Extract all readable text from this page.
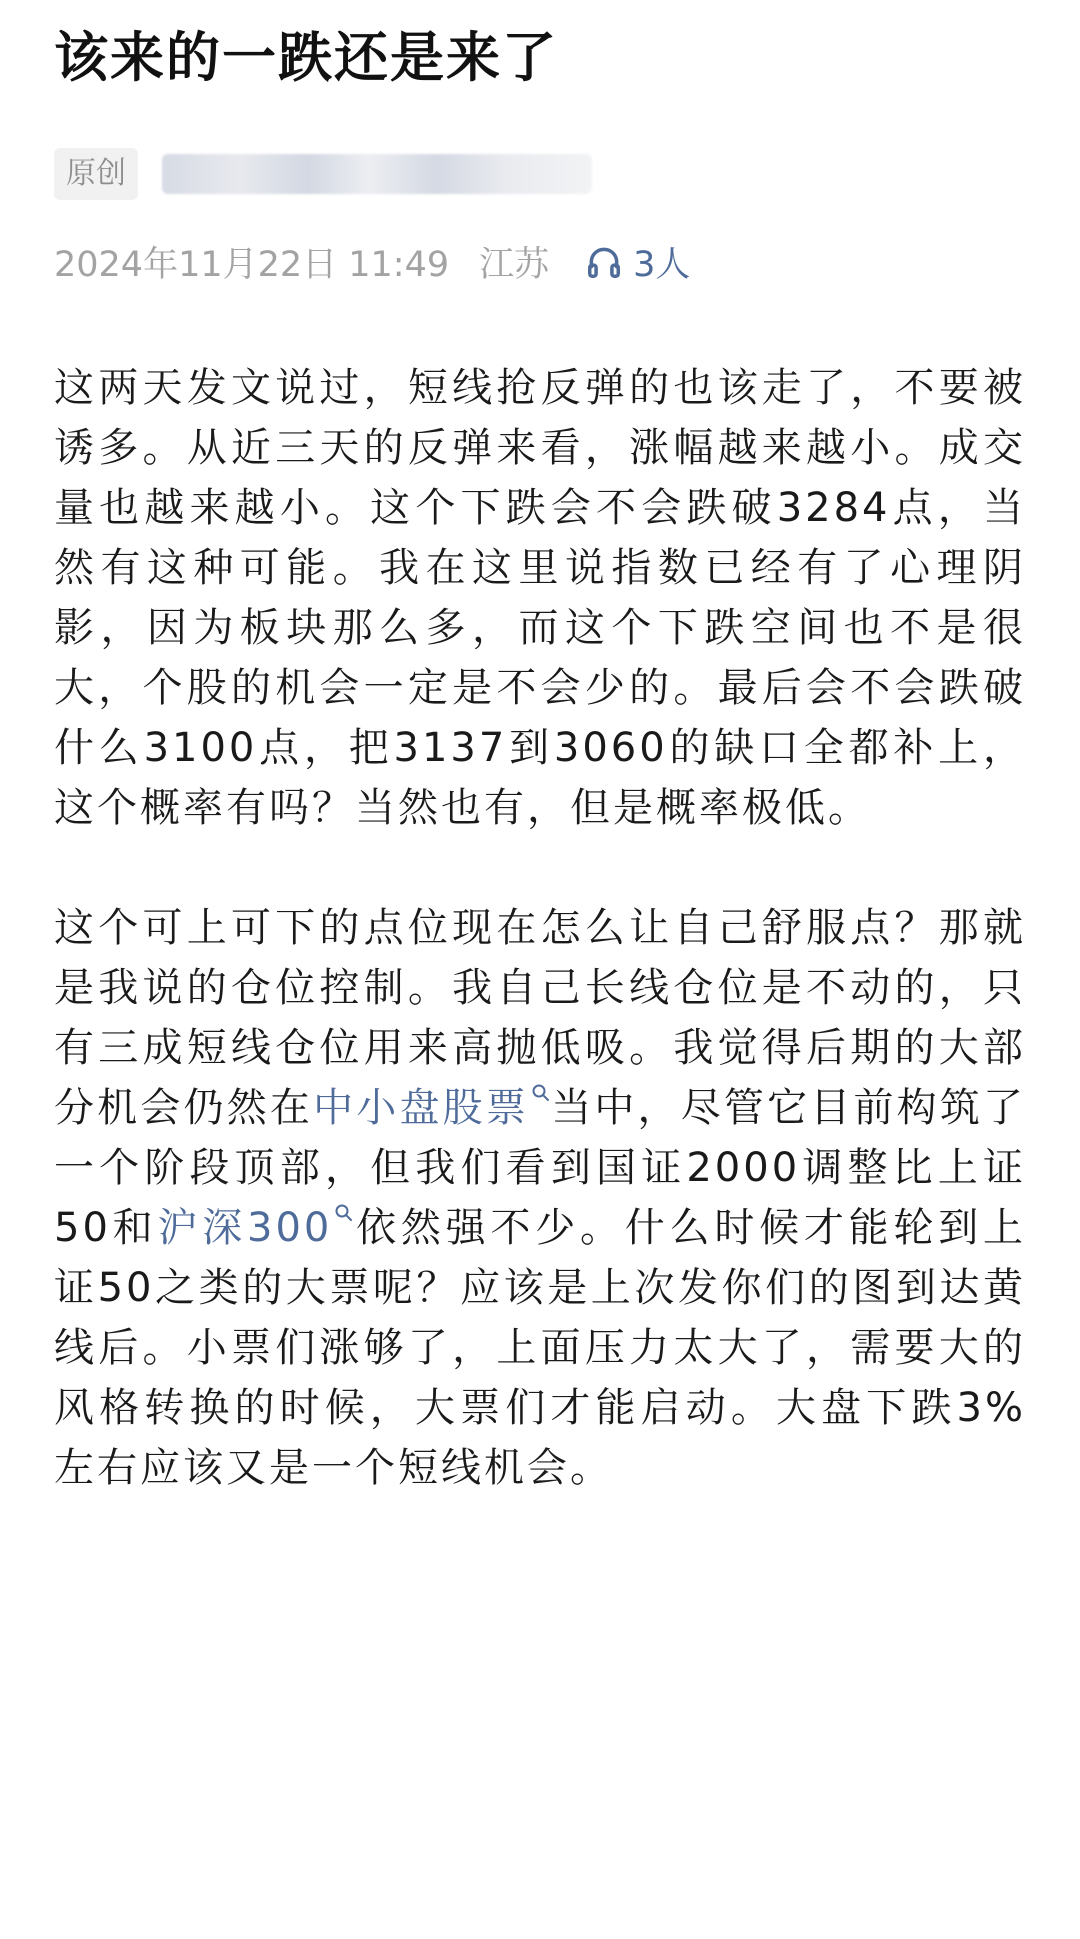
该来的一跌还是来了
原创
2024年11月22日 11:49 江苏 3人

这两天发文说过，短线抢反弹的也该走了，不要被诱多。从近三天的反弹来看，涨幅越来越小。成交量也越来越小。这个下跌会不会跌破3284点，当然有这种可能。我在这里说指数已经有了心理阴影，因为板块那么多，而这个下跌空间也不是很大，个股的机会一定是不会少的。最后会不会跌破什么3100点，把3137到3060的缺口全都补上，这个概率有吗？当然也有，但是概率极低。

这个可上可下的点位现在怎么让自己舒服点？那就是我说的仓位控制。我自己长线仓位是不动的，只有三成短线仓位用来高抛低吸。我觉得后期的大部分机会仍然在中小盘股票 当中，尽管它目前构筑了一个阶段顶部，但我们看到国证2000调整比上证50和沪深300 依然强不少。什么时候才能轮到上证50之类的大票呢？应该是上次发你们的图到达黄线后。小票们涨够了，上面压力太大了，需要大的风格转换的时候，大票们才能启动。大盘下跌3%左右应该又是一个短线机会。
